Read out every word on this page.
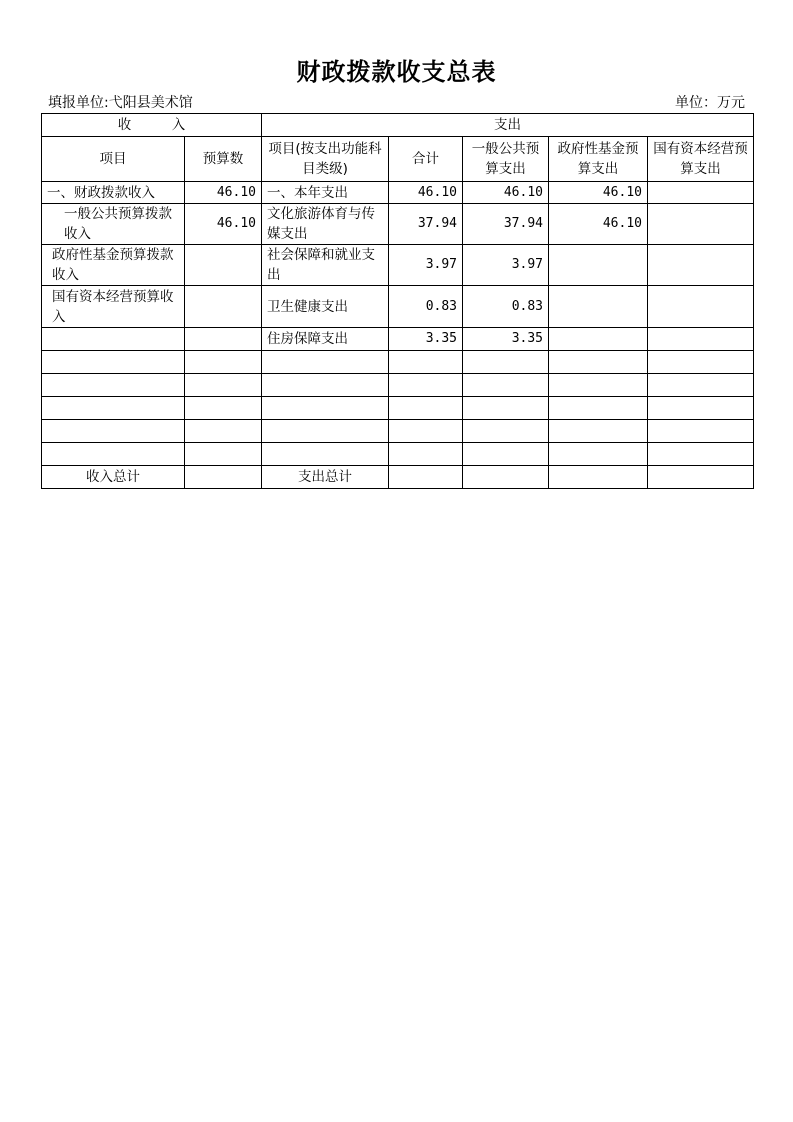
财政拨款收支总表
填报单位:弋阳县美术馆	单位：万元
收　　　入		支出				
项目	预算数	项目(按支出功能科目类级)	合计	一般公共预算支出	政府性基金预算支出	国有资本经营预算支出
一、财政拨款收入	46.10	一、本年支出	46.10	46.10	46.10	
一般公共预算拨款收入	46.10	文化旅游体育与传媒支出	37.94	37.94	46.10	
政府性基金预算拨款收入		社会保障和就业支出	3.97	3.97		
国有资本经营预算收入		卫生健康支出	0.83	0.83		
		住房保障支出	3.35	3.35		

收入总计		支出总计				
